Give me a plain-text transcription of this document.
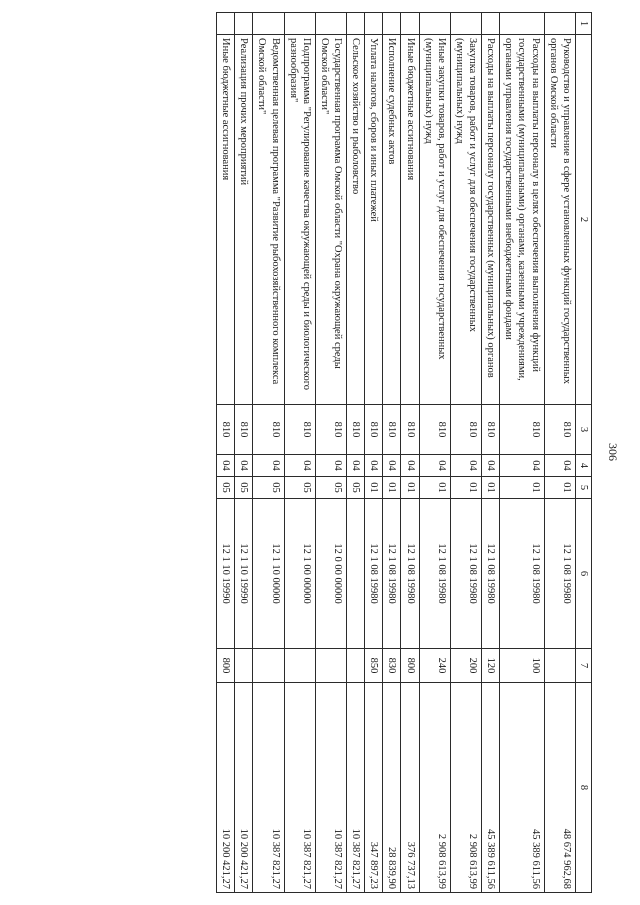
306
1	2	3	4	5	6	7	8
	Руководство и управление в сфере установленных функций государственных органов Омской области	810	04	01	12 1 08 19980		48 674 962,68
	Расходы на выплаты персоналу в целях обеспечения выполнения функций государственными (муниципальными) органами, казенными учреждениями, органами управления государственными внебюджетными фондами	810	04	01	12 1 08 19980	100	45 389 611,56
	Расходы на выплаты персоналу государственных (муниципальных) органов	810	04	01	12 1 08 19980	120	45 389 611,56
	Закупка товаров, работ и услуг для обеспечения государственных (муниципальных) нужд	810	04	01	12 1 08 19980	200	2 908 613,99
	Иные закупки товаров, работ и услуг для обеспечения государственных (муниципальных) нужд	810	04	01	12 1 08 19980	240	2 908 613,99
	Иные бюджетные ассигнования	810	04	01	12 1 08 19980	800	376 737,13
	Исполнение судебных актов	810	04	01	12 1 08 19980	830	28 839,90
	Уплата налогов, сборов и иных платежей	810	04	01	12 1 08 19980	850	347 897,23
	Сельское хозяйство и рыболовство	810	04	05			10 387 821,27
	Государственная программа Омской области "Охрана окружающей среды Омской области"	810	04	05	12 0 00 00000		10 387 821,27
	Подпрограмма "Регулирование качества окружающей среды и биологического разнообразия"	810	04	05	12 1 00 00000		10 387 821,27
	Ведомственная целевая программа "Развитие рыбохозяйственного комплекса Омской области"	810	04	05	12 1 10 00000		10 387 821,27
	Реализация прочих мероприятий	810	04	05	12 1 10 19990		10 200 421,27
	Иные бюджетные ассигнования	810	04	05	12 1 10 19990	800	10 200 421,27
